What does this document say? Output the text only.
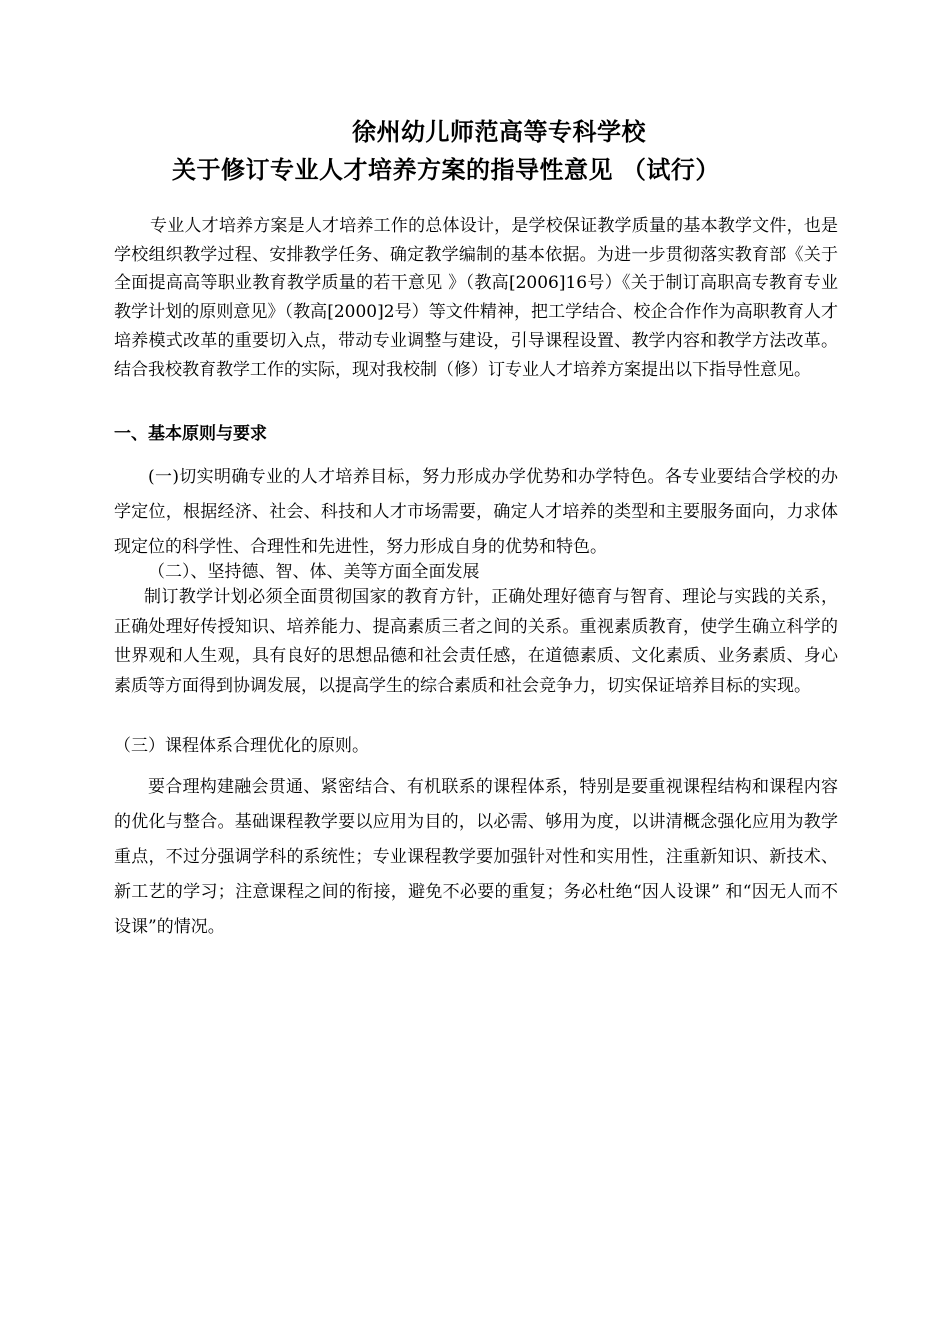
徐州幼儿师范高等专科学校
关于修订专业人才培养方案的指导性意见 （试行）

专业人才培养方案是人才培养工作的总体设计，是学校保证教学质量的基本教学文件，也是学校组织教学过程、安排教学任务、确定教学编制的基本依据。为进一步贯彻落实教育部《关于全面提高高等职业教育教学质量的若干意见 》（教高[2006]16号）《关于制订高职高专教育专业教学计划的原则意见》（教高[2000]2号）等文件精神，把工学结合、校企合作作为高职教育人才培养模式改革的重要切入点，带动专业调整与建设，引导课程设置、教学内容和教学方法改革。结合我校教育教学工作的实际，现对我校制（修）订专业人才培养方案提出以下指导性意见。

一、基本原则与要求

(一)切实明确专业的人才培养目标，努力形成办学优势和办学特色。各专业要结合学校的办学定位，根据经济、社会、科技和人才市场需要，确定人才培养的类型和主要服务面向，力求体现定位的科学性、合理性和先进性，努力形成自身的优势和特色。

（二）、坚持德、智、体、美等方面全面发展

制订教学计划必须全面贯彻国家的教育方针，正确处理好德育与智育、理论与实践的关系，正确处理好传授知识、培养能力、提高素质三者之间的关系。重视素质教育，使学生确立科学的世界观和人生观，具有良好的思想品德和社会责任感，在道德素质、文化素质、业务素质、身心素质等方面得到协调发展，以提高学生的综合素质和社会竞争力，切实保证培养目标的实现。

（三）课程体系合理优化的原则。

要合理构建融会贯通、紧密结合、有机联系的课程体系，特别是要重视课程结构和课程内容的优化与整合。基础课程教学要以应用为目的，以必需、够用为度，以讲清概念强化应用为教学重点，不过分强调学科的系统性；专业课程教学要加强针对性和实用性，注重新知识、新技术、新工艺的学习；注意课程之间的衔接，避免不必要的重复；务必杜绝“因人设课” 和“因无人而不设课”的情况。
